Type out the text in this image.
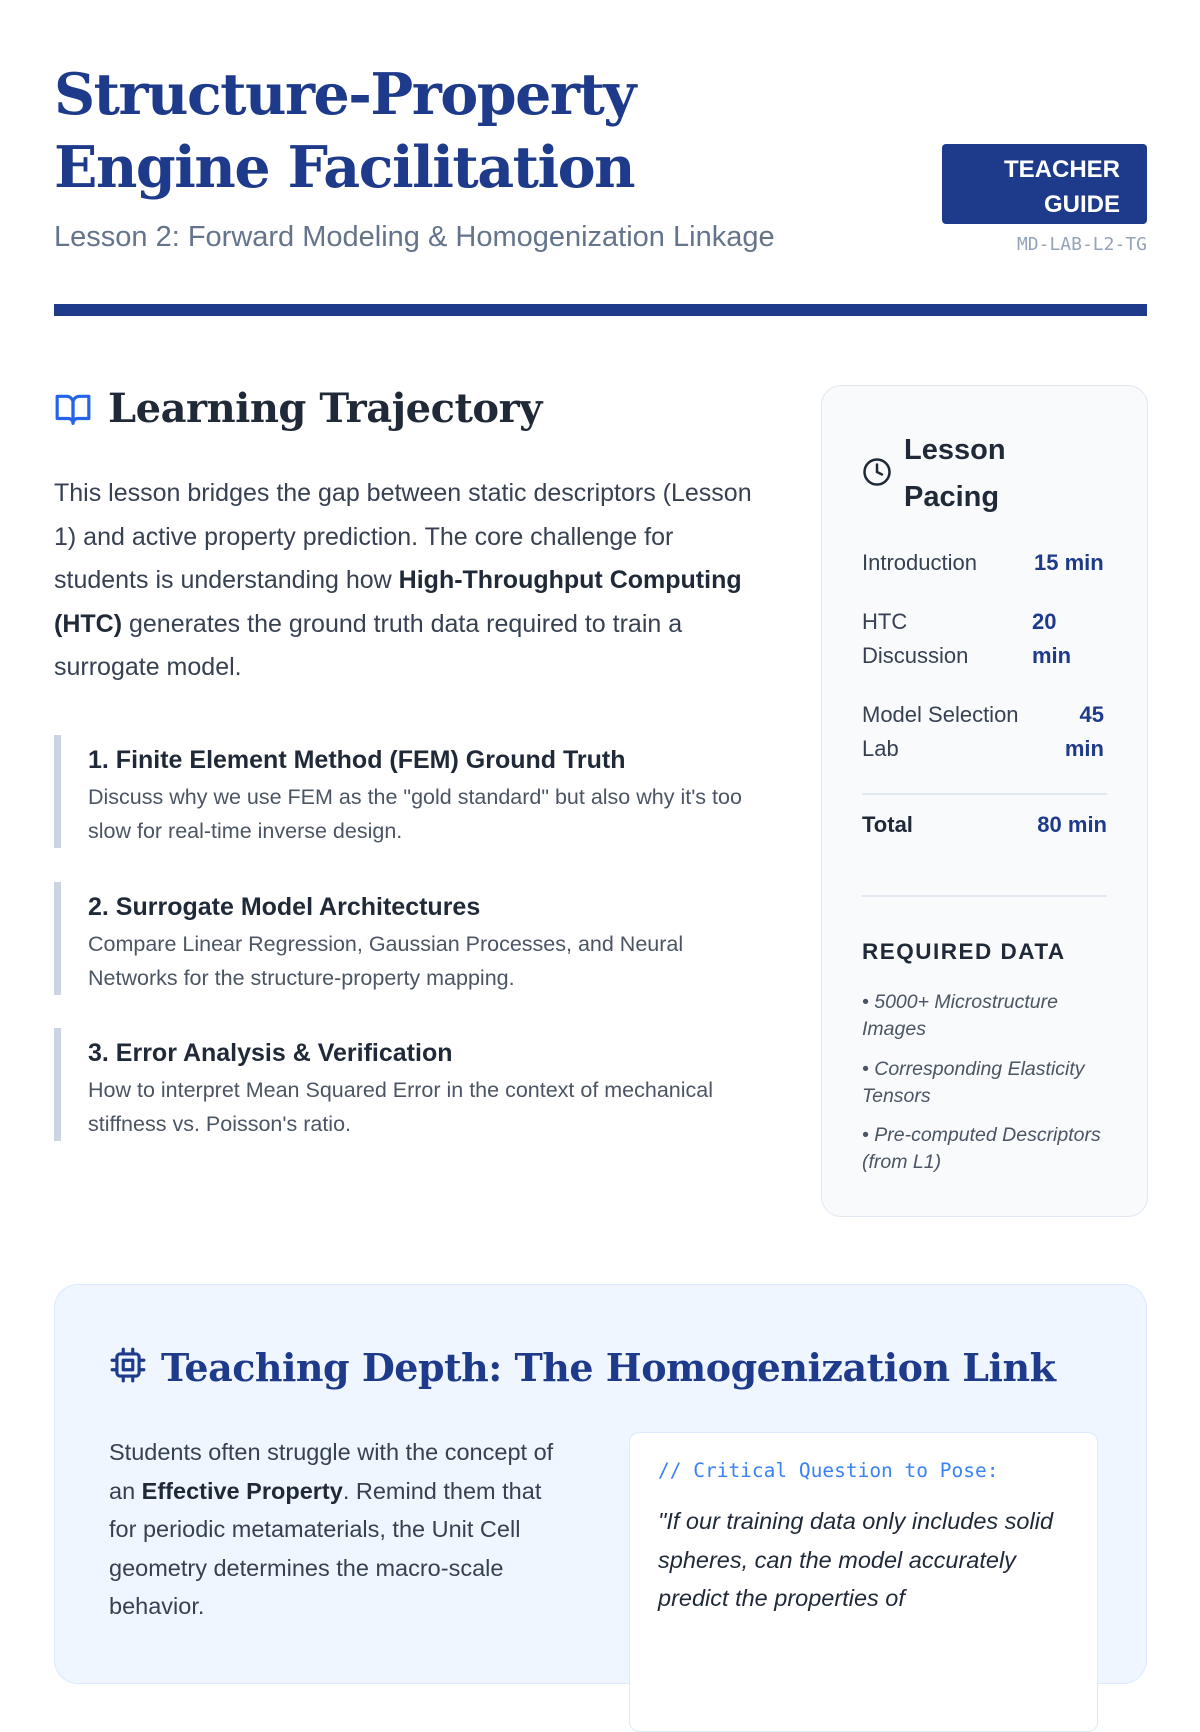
Structure-Property Engine Facilitation
Lesson 2: Forward Modeling & Homogenization Linkage
TEACHER GUIDE
MD-LAB-L2-TG
Learning Trajectory

This lesson bridges the gap between static descriptors (Lesson 1) and active property prediction. The core challenge for students is understanding how High-Throughput Computing (HTC) generates the ground truth data required to train a surrogate model.

1. Finite Element Method (FEM) Ground Truth
Discuss why we use FEM as the "gold standard" but also why it's too slow for real-time inverse design.
2. Surrogate Model Architectures
Compare Linear Regression, Gaussian Processes, and Neural Networks for the structure-property mapping.
3. Error Analysis & Verification
How to interpret Mean Squared Error in the context of mechanical stiffness vs. Poisson's ratio.
Lesson Pacing
Introduction	15 min
HTC Discussion
20 min
Model Selection Lab
45 min
Total	80 min
REQUIRED DATA
• 5000+ Microstructure Images
• Corresponding Elasticity Tensors
• Pre-computed Descriptors (from L1)
Teaching Depth: The Homogenization Link

Students often struggle with the concept of an Effective Property. Remind them that for periodic metamaterials, the Unit Cell geometry determines the macro-scale behavior.

// Critical Question to Pose:
"If our training data only includes solid spheres, can the model accurately predict the properties of
